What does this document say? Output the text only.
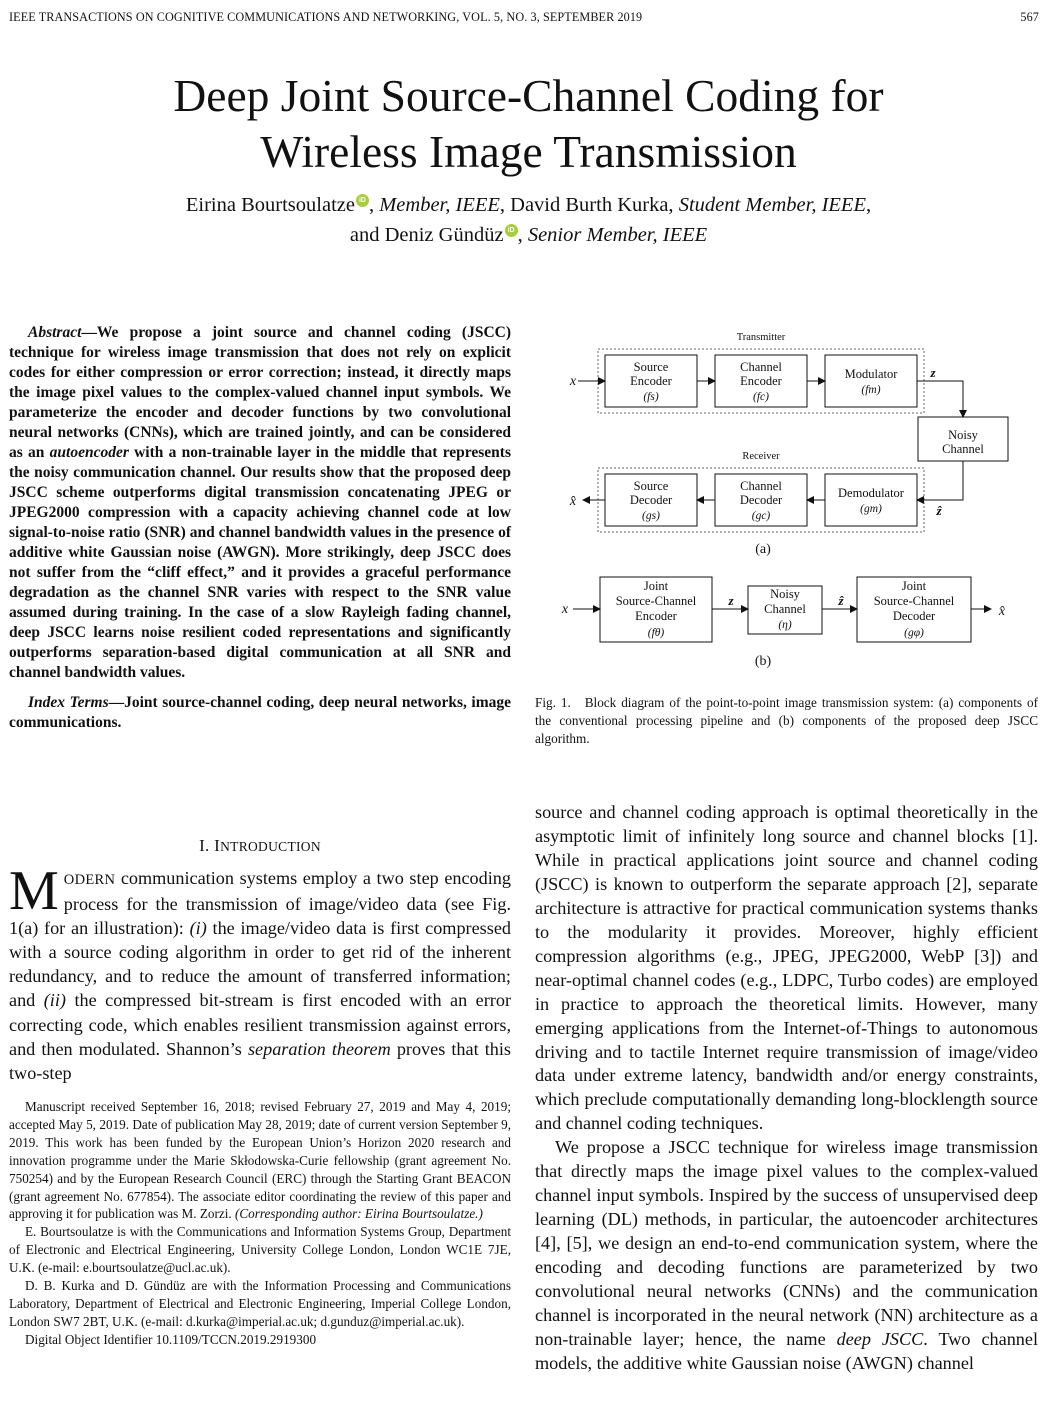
IEEE TRANSACTIONS ON COGNITIVE COMMUNICATIONS AND NETWORKING, VOL. 5, NO. 3, SEPTEMBER 2019	567
Deep Joint Source-Channel Coding for
Wireless Image Transmission
Eirina Bourtsoulatze iD , Member, IEEE, David Burth Kurka, Student Member, IEEE,
and Deniz Gündüz iD , Senior Member, IEEE
Abstract—We propose a joint source and channel coding (JSCC) technique for wireless image transmission that does not rely on explicit codes for either compression or error correction; instead, it directly maps the image pixel values to the complex-valued channel input symbols. We parameterize the encoder and decoder functions by two convolutional neural networks (CNNs), which are trained jointly, and can be considered as an autoencoder with a non-trainable layer in the middle that represents the noisy communication channel. Our results show that the proposed deep JSCC scheme outperforms digital transmission concatenating JPEG or JPEG2000 compression with a capacity achieving channel code at low signal-to-noise ratio (SNR) and channel bandwidth values in the presence of additive white Gaussian noise (AWGN). More strikingly, deep JSCC does not suffer from the “cliff effect,” and it provides a graceful performance degradation as the channel SNR varies with respect to the SNR value assumed during training. In the case of a slow Rayleigh fading channel, deep JSCC learns noise resilient coded representations and significantly outperforms separation-based digital communication at all SNR and channel bandwidth values.
Index Terms—Joint source-channel coding, deep neural networks, image communications.
Transmitter
Receiver
x
x̂
z
ẑ
x
z	ẑ
x̂
Source
Encoder
(fs)
Channel
Encoder
(fc)
Modulator
(fm)
Noisy
Channel
Source
Decoder
(gs)
Channel
Decoder
(gc)
Demodulator
(gm)
(a)
Joint
Source-Channel
Encoder
(fθ)
Noisy
Channel
(η)
Joint
Source-Channel
Decoder
(gφ)
(b)
Fig. 1. Block diagram of the point-to-point image transmission system: (a) components of the conventional processing pipeline and (b) components of the proposed deep JSCC algorithm.
I. INTRODUCTION
MODERN communication systems employ a two step encoding process for the transmission of image/video data (see Fig. 1(a) for an illustration): (i) the image/video data is first compressed with a source coding algorithm in order to get rid of the inherent redundancy, and to reduce the amount of transferred information; and (ii) the compressed bit-stream is first encoded with an error correcting code, which enables resilient transmission against errors, and then modulated. Shannon’s separation theorem proves that this two-step

Manuscript received September 16, 2018; revised February 27, 2019 and May 4, 2019; accepted May 5, 2019. Date of publication May 28, 2019; date of current version September 9, 2019. This work has been funded by the European Union’s Horizon 2020 research and innovation programme under the Marie Skłodowska-Curie fellowship (grant agreement No. 750254) and by the European Research Council (ERC) through the Starting Grant BEACON (grant agreement No. 677854). The associate editor coordinating the review of this paper and approving it for publication was M. Zorzi. (Corresponding author: Eirina Bourtsoulatze.)

E. Bourtsoulatze is with the Communications and Information Systems Group, Department of Electronic and Electrical Engineering, University College London, London WC1E 7JE, U.K. (e-mail: e.bourtsoulatze@ucl.ac.uk).

D. B. Kurka and D. Gündüz are with the Information Processing and Communications Laboratory, Department of Electrical and Electronic Engineering, Imperial College London, London SW7 2BT, U.K. (e-mail: d.kurka@imperial.ac.uk; d.gunduz@imperial.ac.uk).

Digital Object Identifier 10.1109/TCCN.2019.2919300

source and channel coding approach is optimal theoretically in the asymptotic limit of infinitely long source and channel blocks [1]. While in practical applications joint source and channel coding (JSCC) is known to outperform the separate approach [2], separate architecture is attractive for practical communication systems thanks to the modularity it provides. Moreover, highly efficient compression algorithms (e.g., JPEG, JPEG2000, WebP [3]) and near-optimal channel codes (e.g., LDPC, Turbo codes) are employed in practice to approach the theoretical limits. However, many emerging applications from the Internet-of-Things to autonomous driving and to tactile Internet require transmission of image/video data under extreme latency, bandwidth and/or energy constraints, which preclude computationally demanding long-blocklength source and channel coding techniques.

We propose a JSCC technique for wireless image transmission that directly maps the image pixel values to the complex-valued channel input symbols. Inspired by the success of unsupervised deep learning (DL) methods, in particular, the autoencoder architectures [4], [5], we design an end-to-end communication system, where the encoding and decoding functions are parameterized by two convolutional neural networks (CNNs) and the communication channel is incorporated in the neural network (NN) architecture as a non-trainable layer; hence, the name deep JSCC. Two channel models, the additive white Gaussian noise (AWGN) channel
